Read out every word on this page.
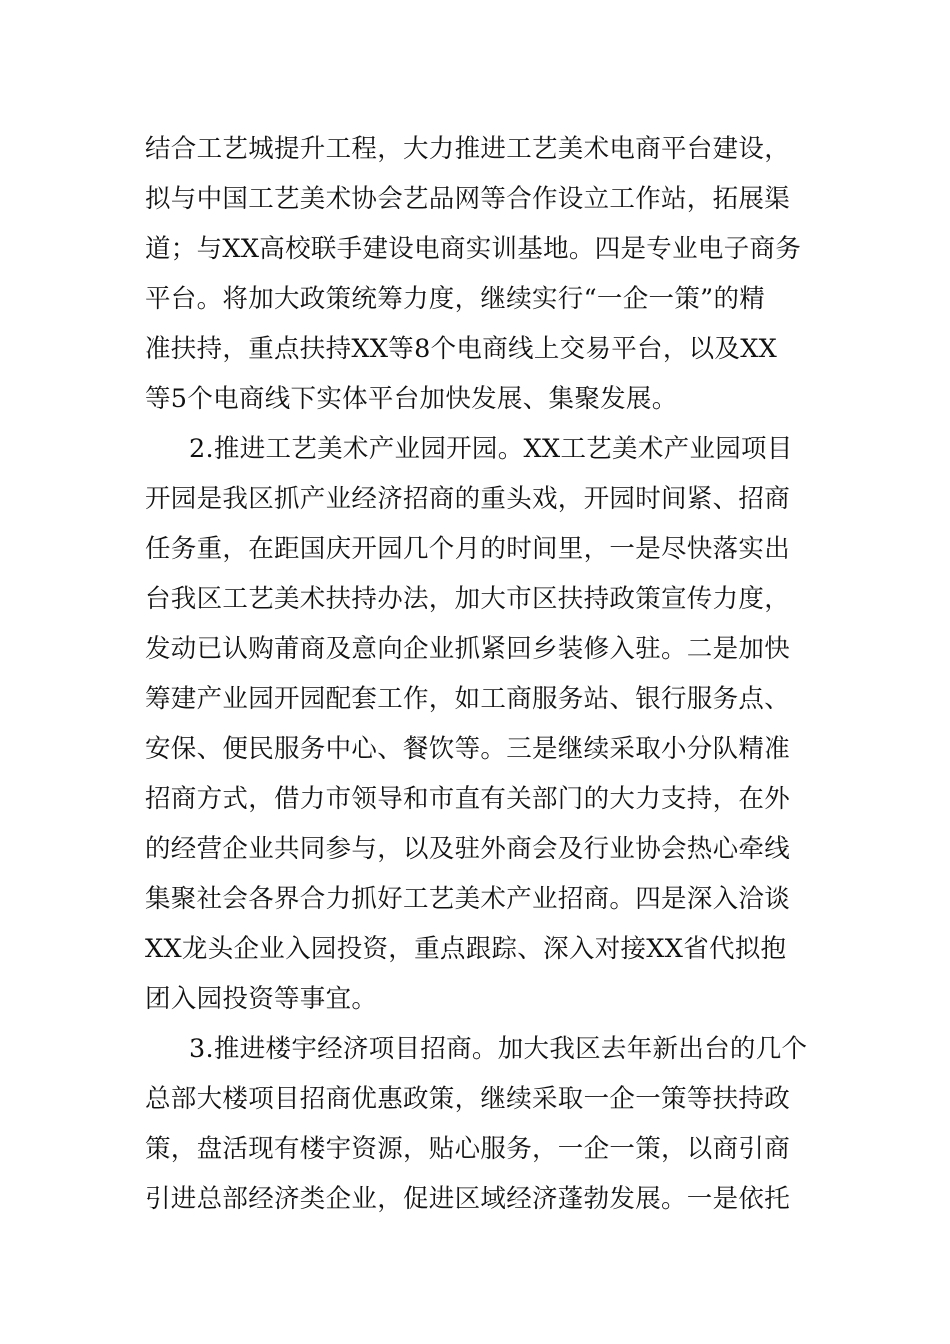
结合工艺城提升工程，大力推进工艺美术电商平台建设，
拟与中国工艺美术协会艺品网等合作设立工作站，拓展渠
道；与XX高校联手建设电商实训基地。四是专业电子商务
平台。将加大政策统筹力度，继续实行“一企一策”的精
准扶持，重点扶持XX等8个电商线上交易平台，以及XX
等5个电商线下实体平台加快发展、集聚发展。
2.推进工艺美术产业园开园。XX工艺美术产业园项目
开园是我区抓产业经济招商的重头戏，开园时间紧、招商
任务重，在距国庆开园几个月的时间里，一是尽快落实出
台我区工艺美术扶持办法，加大市区扶持政策宣传力度，
发动已认购莆商及意向企业抓紧回乡装修入驻。二是加快
筹建产业园开园配套工作，如工商服务站、银行服务点、
安保、便民服务中心、餐饮等。三是继续采取小分队精准
招商方式，借力市领导和市直有关部门的大力支持，在外
的经营企业共同参与，以及驻外商会及行业协会热心牵线
集聚社会各界合力抓好工艺美术产业招商。四是深入洽谈
XX龙头企业入园投资，重点跟踪、深入对接XX省代拟抱
团入园投资等事宜。
3.推进楼宇经济项目招商。加大我区去年新出台的几个
总部大楼项目招商优惠政策，继续采取一企一策等扶持政
策，盘活现有楼宇资源，贴心服务，一企一策，以商引商
引进总部经济类企业，促进区域经济蓬勃发展。一是依托
